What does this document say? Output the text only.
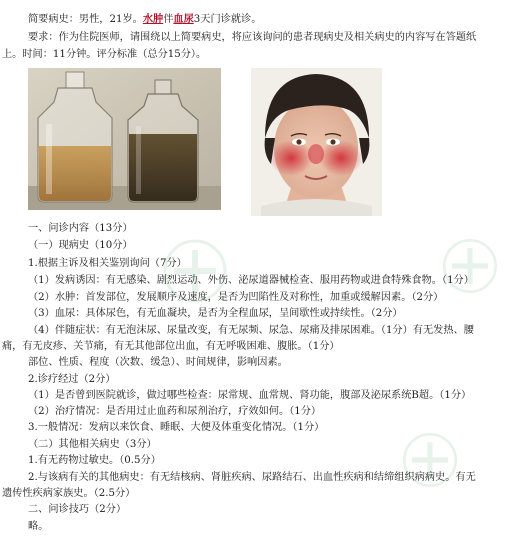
简要病史：男性，21岁。水肿伴血尿3天门诊就诊。
要求：作为住院医师，请围绕以上简要病史，将应该询问的患者现病史及相关病史的内容写在答题纸
上。时间：11分钟。评分标准（总分15分）。
一、问诊内容（13分）
（一）现病史（10分）
1.根据主诉及相关鉴别询问（7分）
（1）发病诱因：有无感染、剧烈运动、外伤、泌尿道器械检查、服用药物或进食特殊食物。（1分）
（2）水肿：首发部位，发展顺序及速度，是否为凹陷性及对称性，加重或缓解因素。（2分）
（3）血尿：具体尿色，有无血凝块，是否为全程血尿，呈间歇性或持续性。（2分）
（4）伴随症状：有无泡沫尿、尿量改变，有无尿频、尿急、尿痛及排尿困难。（1分）有无发热、腰
痛，有无皮疹、关节痛，有无其他部位出血，有无呼吸困难、腹胀。（1分）
部位、性质、程度（次数、缓急）、时间规律，影响因素。
2.诊疗经过（2分）
（1）是否曾到医院就诊，做过哪些检查：尿常规、血常规、肾功能，腹部及泌尿系统B超。（1分）
（2）治疗情况：是否用过止血药和尿剂治疗，疗效如何。（1分）
3.一般情况：发病以来饮食、睡眠、大便及体重变化情况。（1分）
（二）其他相关病史（3分）
1.有无药物过敏史。（0.5分）
2.与该病有关的其他病史：有无结核病、肾脏疾病、尿路结石、出血性疾病和结缔组织病病史。有无
遗传性疾病家族史。（2.5分）
二、问诊技巧（2分）
略。
